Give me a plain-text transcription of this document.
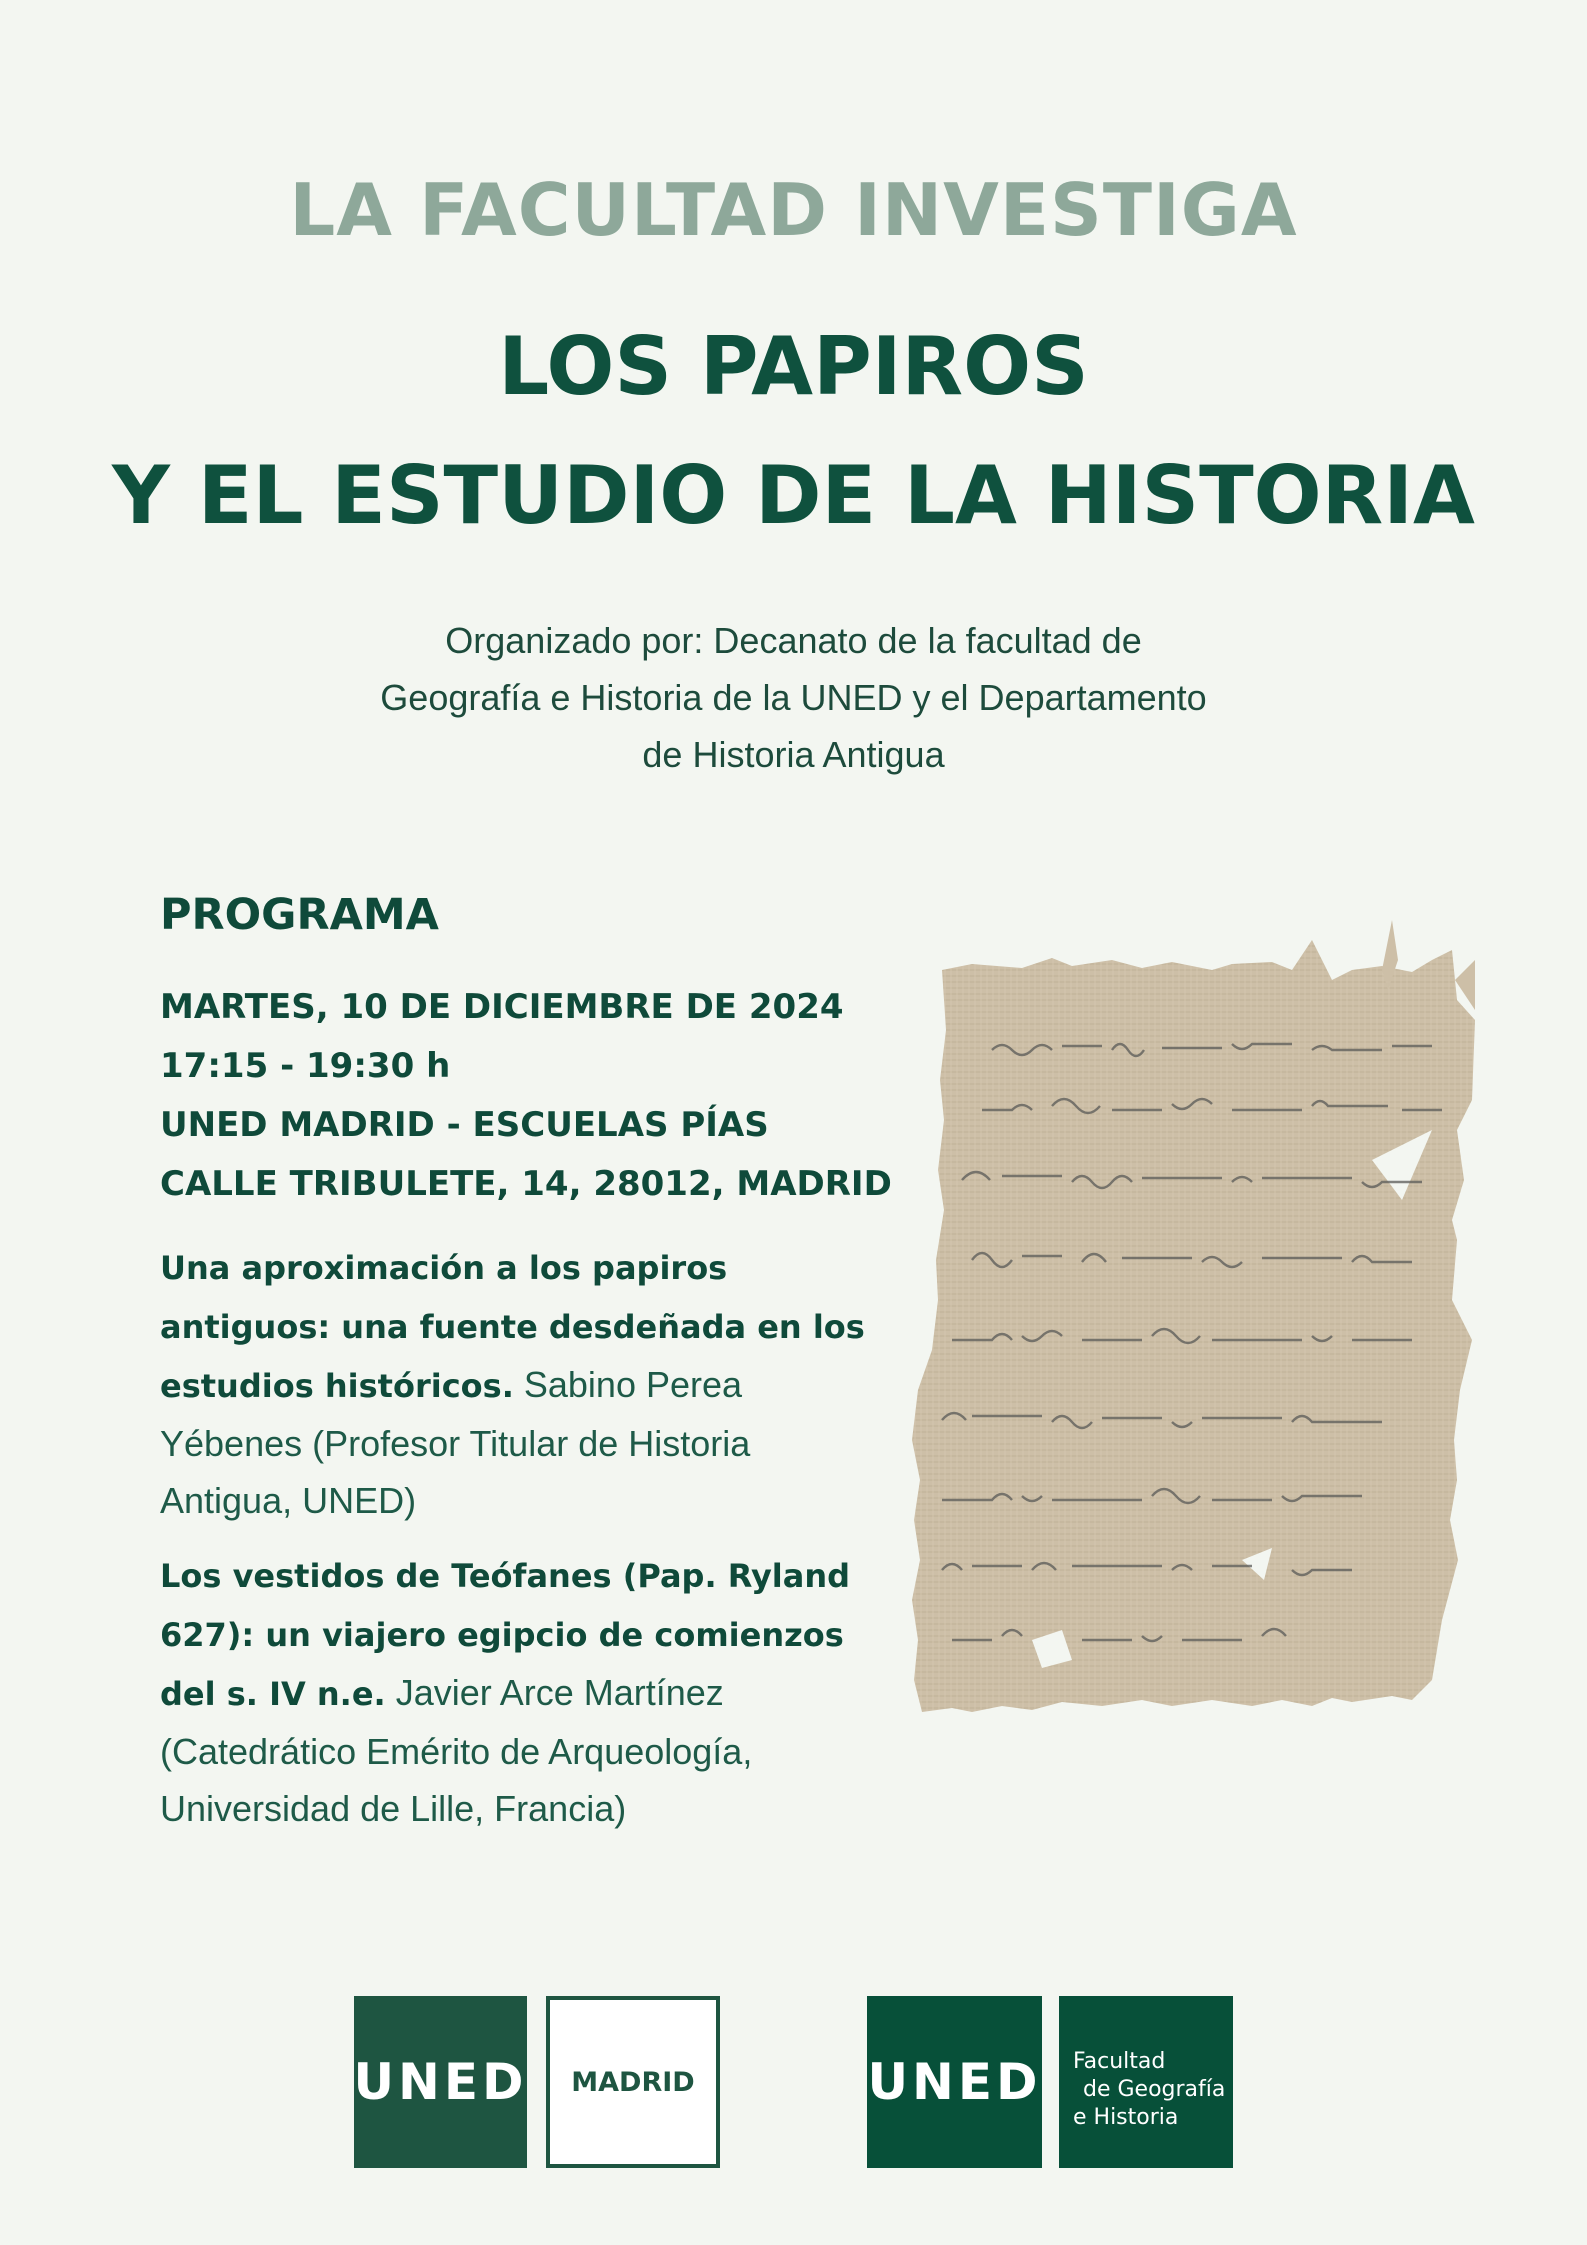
LA FACULTAD INVESTIGA
LOS PAPIROS
Y EL ESTUDIO DE LA HISTORIA
Organizado por: Decanato de la facultad de
Geografía e Historia de la UNED y el Departamento
de Historia Antigua
PROGRAMA
MARTES, 10 DE DICIEMBRE DE 2024
17:15 - 19:30 h
UNED MADRID - ESCUELAS PÍAS
CALLE TRIBULETE, 14, 28012, MADRID
Una aproximación a los papiros antiguos: una fuente desdeñada en los estudios históricos. Sabino Perea Yébenes (Profesor Titular de Historia Antigua, UNED)
Los vestidos de Teófanes (Pap. Ryland 627): un viajero egipcio de comienzos del s. IV n.e. Javier Arce Martínez (Catedrático Emérito de Arqueología, Universidad de Lille, Francia)
UNED	MADRID	UNED Facultad
de Geografía
e Historia
